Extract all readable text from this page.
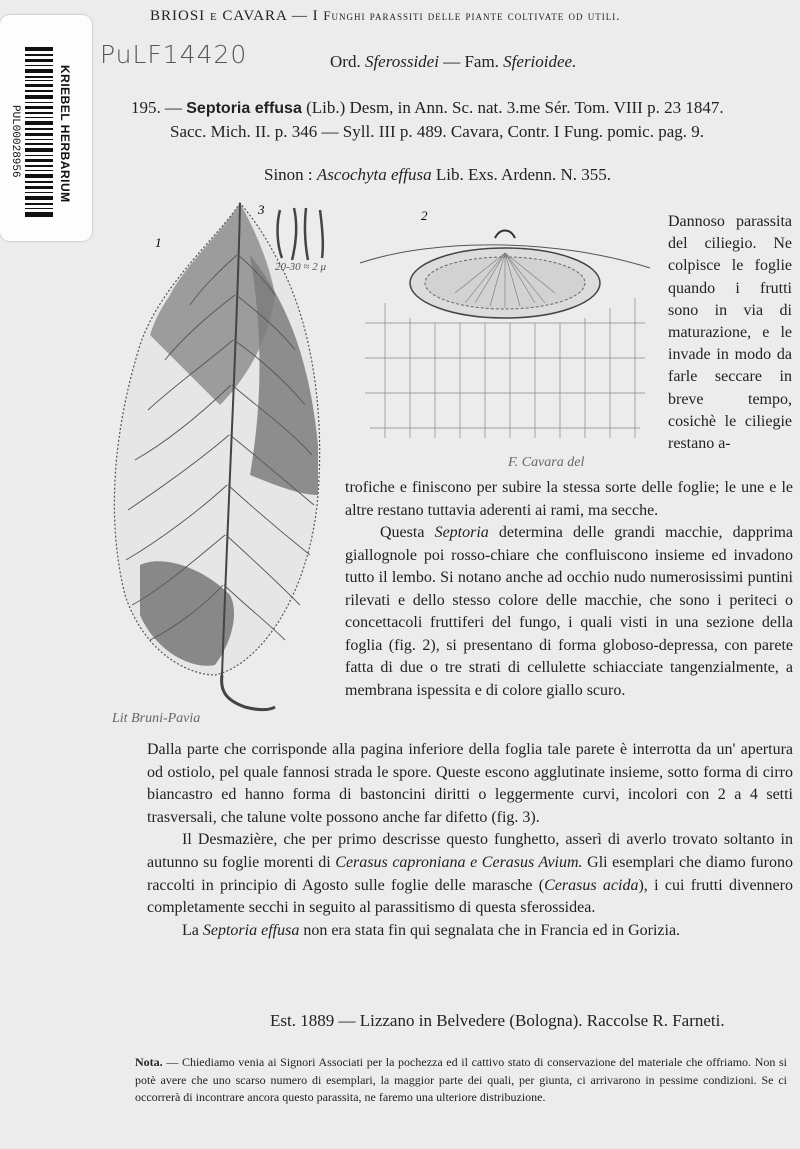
KRIEBEL HERBARIUM
PUL00028956
BRIOSI e CAVARA — I Funghi parassiti delle piante coltivate od utili.
PuLF14420	Ord. Sferossidei — Fam. Sferioidee.
195. — Septoria effusa (Lib.) Desm, in Ann. Sc. nat. 3.me Sér. Tom. VIII p. 23 1847.
Sacc. Mich. II. p. 346 — Syll. III p. 489. Cavara, Contr. I Fung. pomic. pag. 9.
Sinon : Ascochyta effusa Lib. Exs. Ardenn. N. 355.
1
3
20-30 ≈ 2 μ
2
F. Cavara del
Lit Bruni-Pavia
Dannoso parassita del ciliegio. Ne colpisce le foglie quando i frutti sono in via di maturazione, e le invade in modo da farle seccare in breve tempo, cosichè le ciliegie restano a-

trofiche e finiscono per subire la stessa sorte delle foglie; le une e le altre restano tuttavia aderenti ai rami, ma secche.

Questa Septoria determina delle grandi macchie, dapprima giallognole poi rosso-chiare che confluiscono insieme ed invadono tutto il lembo. Si notano anche ad occhio nudo numerosissimi puntini rilevati e dello stesso colore delle macchie, che sono i periteci o concettacoli fruttiferi del fungo, i quali visti in una sezione della foglia (fig. 2), si presentano di forma globoso-depressa, con parete fatta di due o tre strati di cellulette schiacciate tangenzialmente, a membrana ispessita e di colore giallo scuro.

Dalla parte che corrisponde alla pagina inferiore della foglia tale parete è interrotta da un' apertura od ostiolo, pel quale fannosi strada le spore. Queste escono agglutinate insieme, sotto forma di cirro biancastro ed hanno forma di bastoncini diritti o leggermente curvi, incolori con 2 a 4 setti trasversali, che talune volte possono anche far difetto (fig. 3).

Il Desmazière, che per primo descrisse questo funghetto, asserì di averlo trovato soltanto in autunno su foglie morenti di Cerasus caproniana e Cerasus Avium. Gli esemplari che diamo furono raccolti in principio di Agosto sulle foglie delle marasche (Cerasus acida), i cui frutti divennero completamente secchi in seguito al parassitismo di questa sferossidea.

La Septoria effusa non era stata fin qui segnalata che in Francia ed in Gorizia.

Est. 1889 — Lizzano in Belvedere (Bologna). Raccolse R. Farneti.
Nota. — Chiediamo venia ai Signori Associati per la pochezza ed il cattivo stato di conservazione del materiale che offriamo. Non si potè avere che uno scarso numero di esemplari, la maggior parte dei quali, per giunta, ci arrivarono in pessime condizioni. Se ci occorrerà di incontrare ancora questo parassita, ne faremo una ulteriore distribuzione.
